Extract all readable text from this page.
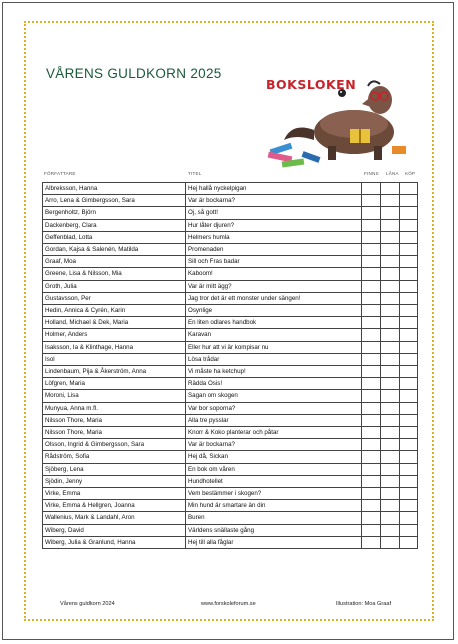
VÅRENS GULDKORN 2025
BOKSLOKEN
FÖRFATTARE	TITEL	FINNS LÅNA KÖP
Albreksson, Hanna	Hej hallå nyckelpigan			
Arro, Lena & Gimbergsson, Sara	Var är bockarna?			
Bergenholtz, Björn	Oj, så gott!			
Dackenberg, Clara	Hur låter djuren?			
Geffenblad, Lotta	Helmers humla			
Gordan, Kajsa & Salenén, Matilda	Promenaden			
Graaf, Moa	Sill och Fras badar			
Greene, Lisa & Nilsson, Mia	Kaboom!			
Groth, Julia	Var är mitt ägg?			
Gustavsson, Per	Jag tror det är ett monster under sängen!			
Hedin, Annica & Cyrén, Karin	Osynlige			
Holland, Michael & Dek, Maria	En liten odlares handbok			
Holmer, Anders	Karavan			
Isaksson, Ia & Klinthage, Hanna	Eller hur att vi är kompisar nu			
Isol	Lösa trådar			
Lindenbaum, Pija & Åkerström, Anna	Vi måste ha ketchup!			
Löfgren, Maria	Rädda Osis!			
Moroni, Lisa	Sagan om skogen			
Munyua, Anna m.fl.	Var bor soporna?			
Nilsson Thore, Maria	Alla tre pysslar			
Nilsson Thore, Maria	Knorr & Koko planterar och påtar			
Olsson, Ingrid & Gimbergsson, Sara	Var är bockarna?			
Rådström, Sofia	Hej då, Sickan			
Sjöberg, Lena	En bok om våren			
Sjödin, Jenny	Hundhotellet			
Virke, Emma	Vem bestämmer i skogen?			
Virke, Emma & Hellgren, Joanna	Min hund är smartare än din			
Wallenius, Mark & Landahl, Aron	Buren			
Wiberg, David	Världens snällaste gång			
Wiberg, Julia & Granlund, Hanna	Hej till alla fåglar			
Vårens guldkorn 2024	www.forskoleforum.se	Illustration: Moa Graaf
